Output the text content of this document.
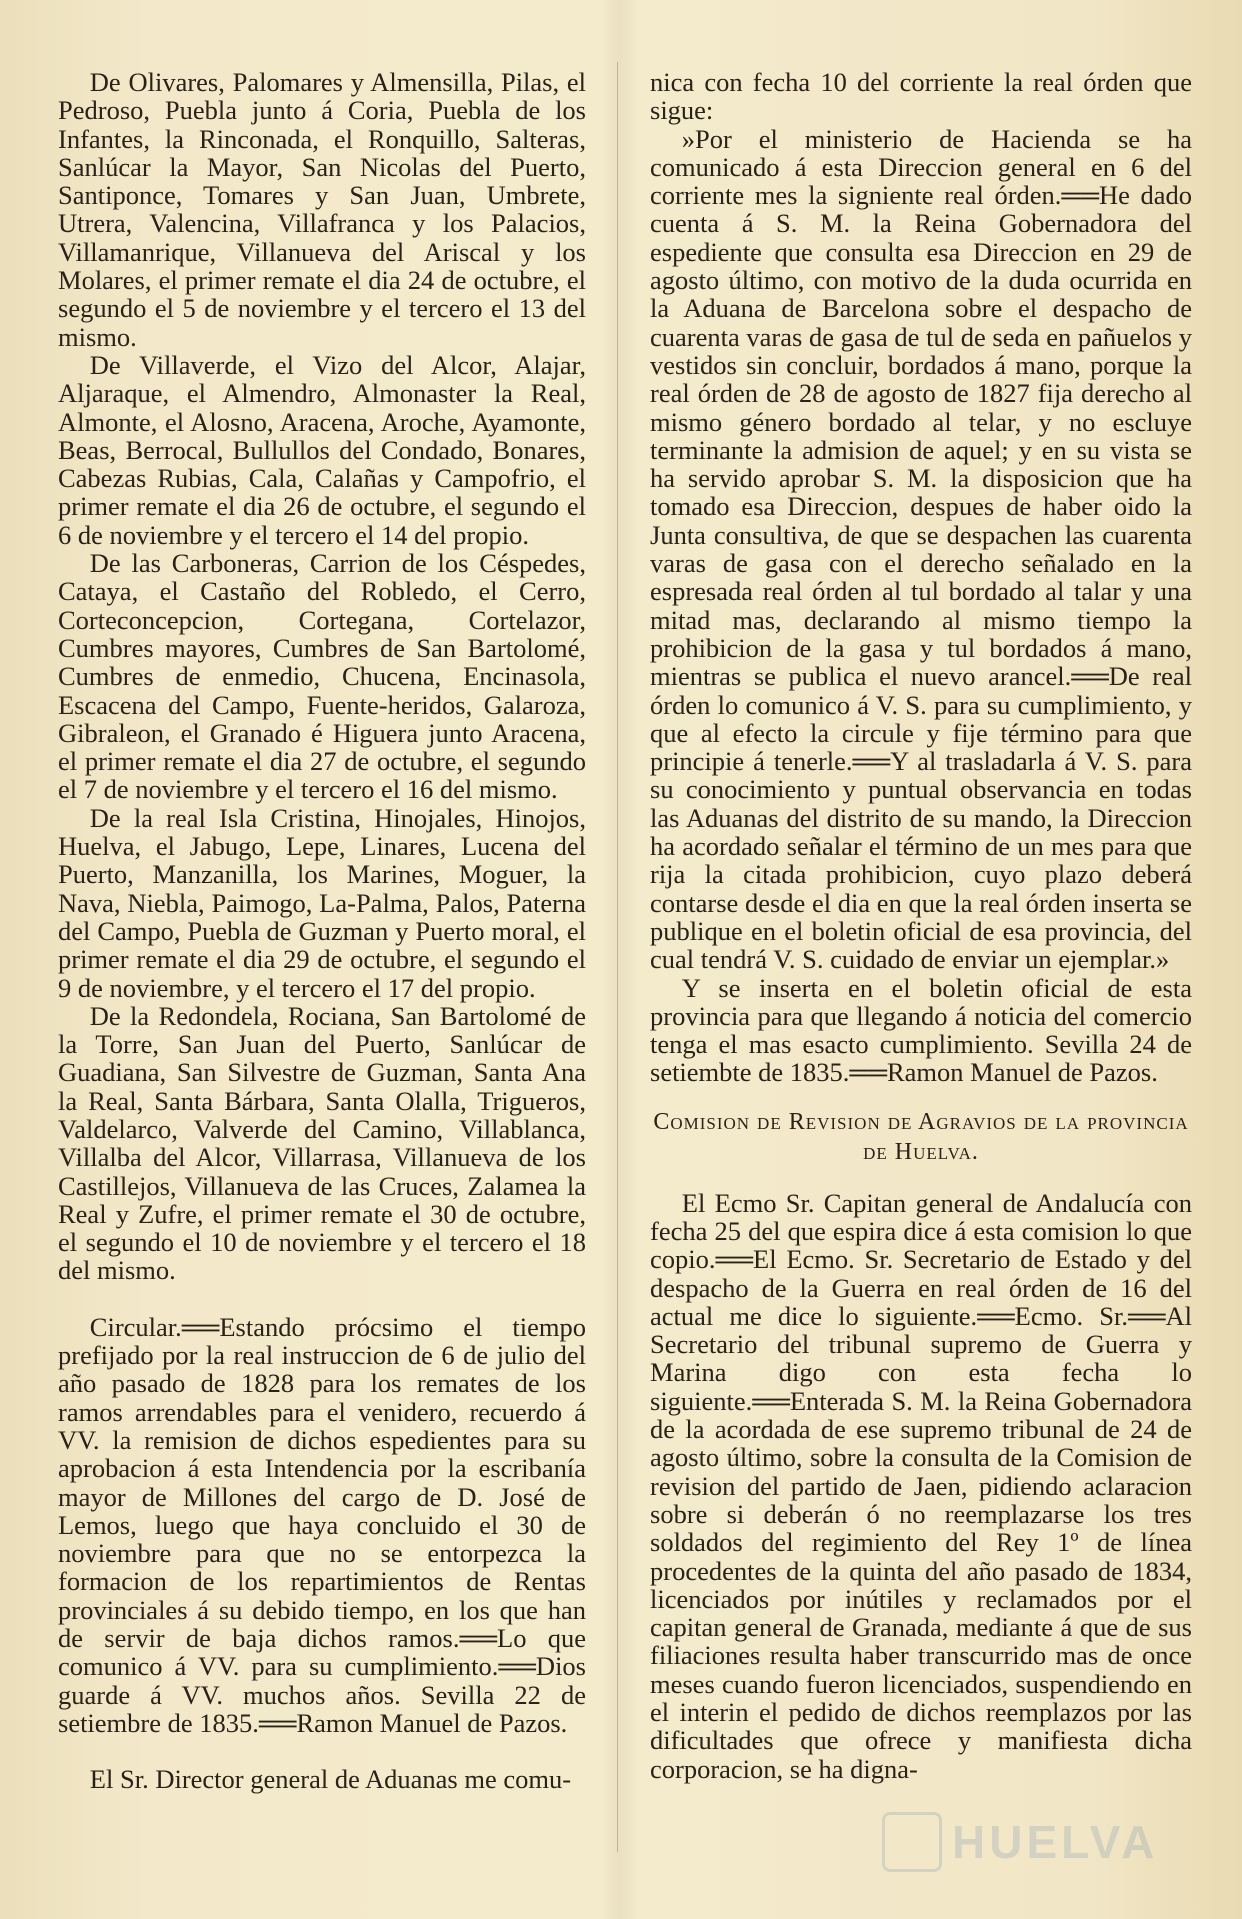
De Olivares, Palomares y Almensilla, Pilas, el Pedroso, Puebla junto á Coria, Puebla de los Infantes, la Rinconada, el Ronquillo, Salteras, Sanlúcar la Mayor, San Nicolas del Puerto, Santiponce, Tomares y San Juan, Umbrete, Utrera, Valencina, Villafranca y los Palacios, Villamanrique, Villanueva del Ariscal y los Molares, el primer remate el dia 24 de octubre, el segundo el 5 de noviembre y el tercero el 13 del mismo.

De Villaverde, el Vizo del Alcor, Alajar, Aljaraque, el Almendro, Almonaster la Real, Almonte, el Alosno, Aracena, Aroche, Ayamonte, Beas, Berrocal, Bullullos del Condado, Bonares, Cabezas Rubias, Cala, Calañas y Campofrio, el primer remate el dia 26 de octubre, el segundo el 6 de noviembre y el tercero el 14 del propio.

De las Carboneras, Carrion de los Céspedes, Cataya, el Castaño del Robledo, el Cerro, Corteconcepcion, Cortegana, Cortelazor, Cumbres mayores, Cumbres de San Bartolomé, Cumbres de enmedio, Chucena, Encinasola, Escacena del Campo, Fuente-heridos, Galaroza, Gibraleon, el Granado é Higuera junto Aracena, el primer remate el dia 27 de octubre, el segundo el 7 de noviembre y el tercero el 16 del mismo.

De la real Isla Cristina, Hinojales, Hinojos, Huelva, el Jabugo, Lepe, Linares, Lucena del Puerto, Manzanilla, los Marines, Moguer, la Nava, Niebla, Paimogo, La-Palma, Palos, Paterna del Campo, Puebla de Guzman y Puerto moral, el primer remate el dia 29 de octubre, el segundo el 9 de noviembre, y el tercero el 17 del propio.

De la Redondela, Rociana, San Bartolomé de la Torre, San Juan del Puerto, Sanlúcar de Guadiana, San Silvestre de Guzman, Santa Ana la Real, Santa Bárbara, Santa Olalla, Trigueros, Valdelarco, Valverde del Camino, Villablanca, Villalba del Alcor, Villarrasa, Villanueva de los Castillejos, Villanueva de las Cruces, Zalamea la Real y Zufre, el primer remate el 30 de octubre, el segundo el 10 de noviembre y el tercero el 18 del mismo.

Circular.══Estando prócsimo el tiempo prefijado por la real instruccion de 6 de julio del año pasado de 1828 para los remates de los ramos arrendables para el venidero, recuerdo á VV. la remision de dichos espedientes para su aprobacion á esta Intendencia por la escribanía mayor de Millones del cargo de D. José de Lemos, luego que haya concluido el 30 de noviembre para que no se entorpezca la formacion de los repartimientos de Rentas provinciales á su debido tiempo, en los que han de servir de baja dichos ramos.══Lo que comunico á VV. para su cumplimiento.══Dios guarde á VV. muchos años. Sevilla 22 de setiembre de 1835.══Ramon Manuel de Pazos.

El Sr. Director general de Aduanas me comu-

nica con fecha 10 del corriente la real órden que sigue:

»Por el ministerio de Hacienda se ha comunicado á esta Direccion general en 6 del corriente mes la signiente real órden.══He dado cuenta á S. M. la Reina Gobernadora del espediente que consulta esa Direccion en 29 de agosto último, con motivo de la duda ocurrida en la Aduana de Barcelona sobre el despacho de cuarenta varas de gasa de tul de seda en pañuelos y vestidos sin concluir, bordados á mano, porque la real órden de 28 de agosto de 1827 fija derecho al mismo género bordado al telar, y no escluye terminante la admision de aquel; y en su vista se ha servido aprobar S. M. la disposicion que ha tomado esa Direccion, despues de haber oido la Junta consultiva, de que se despachen las cuarenta varas de gasa con el derecho señalado en la espresada real órden al tul bordado al talar y una mitad mas, declarando al mismo tiempo la prohibicion de la gasa y tul bordados á mano, mientras se publica el nuevo arancel.══De real órden lo comunico á V. S. para su cumplimiento, y que al efecto la circule y fije término para que principie á tenerle.══Y al trasladarla á V. S. para su conocimiento y puntual observancia en todas las Aduanas del distrito de su mando, la Direccion ha acordado señalar el término de un mes para que rija la citada prohibicion, cuyo plazo deberá contarse desde el dia en que la real órden inserta se publique en el boletin oficial de esa provincia, del cual tendrá V. S. cuidado de enviar un ejemplar.»

Y se inserta en el boletin oficial de esta provincia para que llegando á noticia del comercio tenga el mas esacto cumplimiento. Sevilla 24 de setiembte de 1835.══Ramon Manuel de Pazos.

Comision de Revision de Agravios de la provincia de Huelva.

El Ecmo Sr. Capitan general de Andalucía con fecha 25 del que espira dice á esta comision lo que copio.══El Ecmo. Sr. Secretario de Estado y del despacho de la Guerra en real órden de 16 del actual me dice lo siguiente.══Ecmo. Sr.══Al Secretario del tribunal supremo de Guerra y Marina digo con esta fecha lo siguiente.══Enterada S. M. la Reina Gobernadora de la acordada de ese supremo tribunal de 24 de agosto último, sobre la consulta de la Comision de revision del partido de Jaen, pidiendo aclaracion sobre si deberán ó no reemplazarse los tres soldados del regimiento del Rey 1º de línea procedentes de la quinta del año pasado de 1834, licenciados por inútiles y reclamados por el capitan general de Granada, mediante á que de sus filiaciones resulta haber transcurrido mas de once meses cuando fueron licenciados, suspendiendo en el interin el pedido de dichos reemplazos por las dificultades que ofrece y manifiesta dicha corporacion, se ha digna-

HUELVA
